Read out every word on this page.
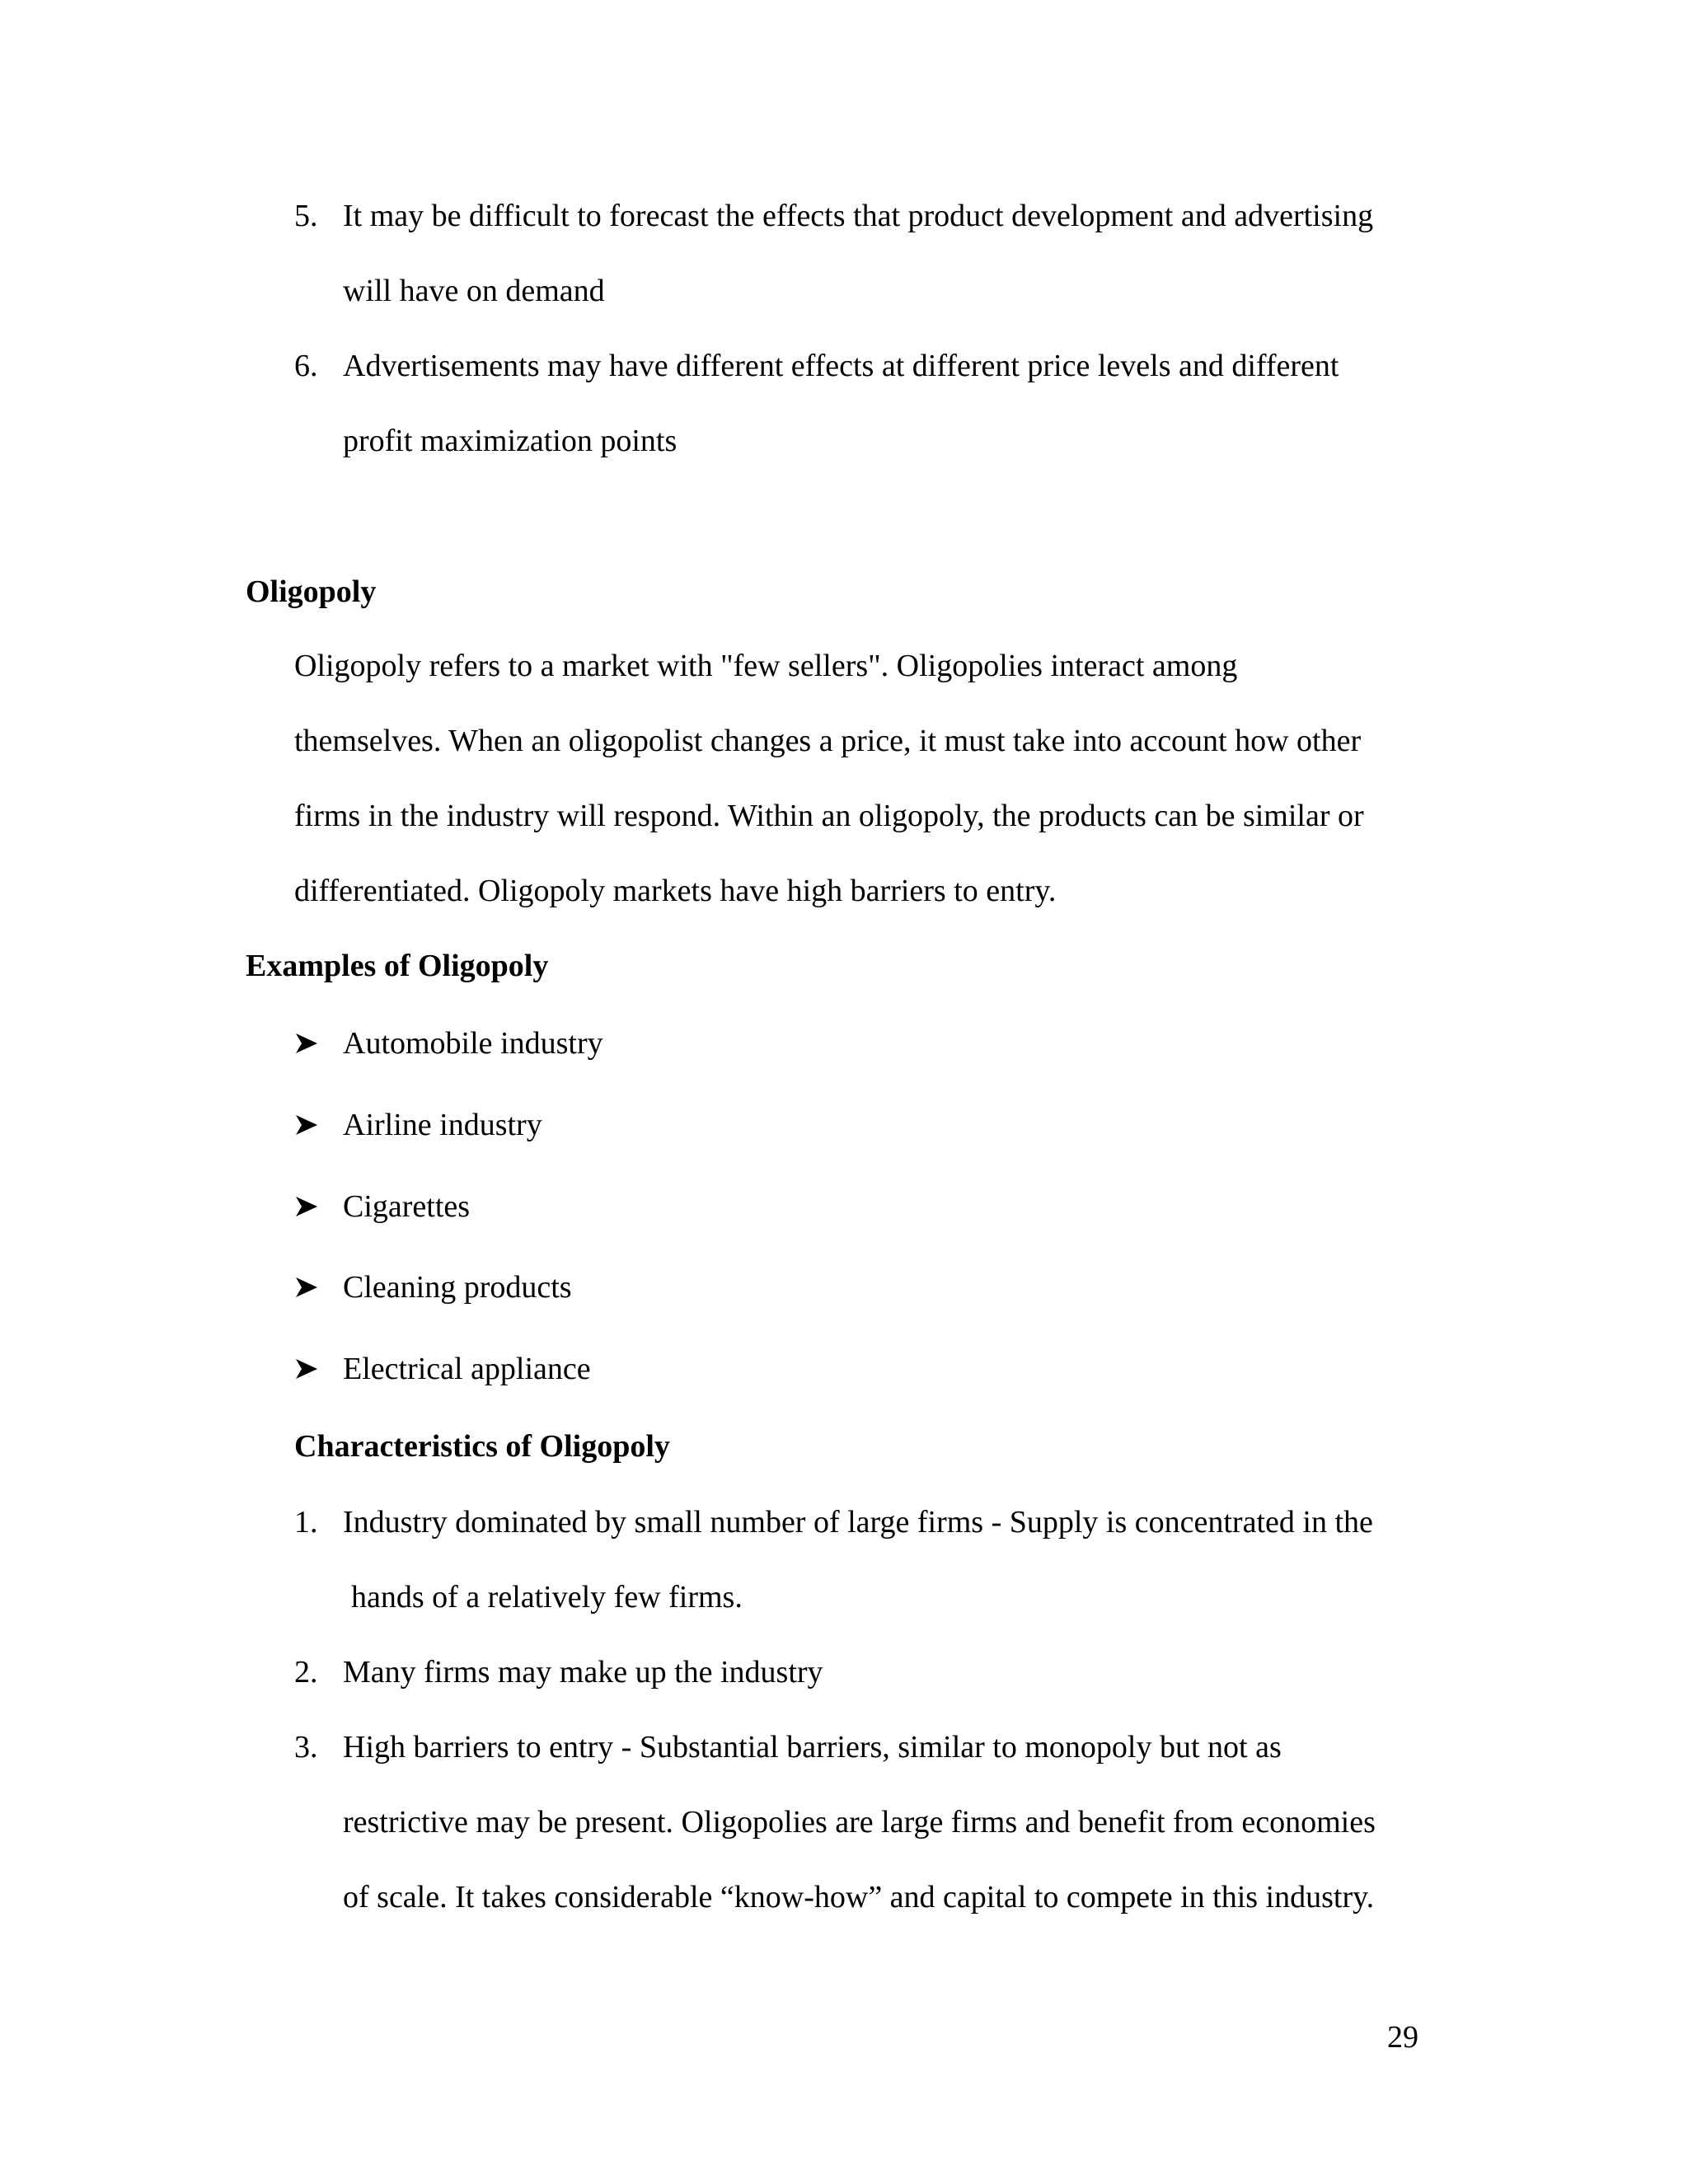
5. It may be difficult to forecast the effects that product development and advertising
will have on demand
6. Advertisements may have different effects at different price levels and different
profit maximization points
Oligopoly
Oligopoly refers to a market with "few sellers". Oligopolies interact among
themselves. When an oligopolist changes a price, it must take into account how other
firms in the industry will respond. Within an oligopoly, the products can be similar or
differentiated. Oligopoly markets have high barriers to entry.
Examples of Oligopoly
Automobile industry
Airline industry
Cigarettes
Cleaning products
Electrical appliance
Characteristics of Oligopoly
1. Industry dominated by small number of large firms - Supply is concentrated in the
hands of a relatively few firms.
2. Many firms may make up the industry
3. High barriers to entry - Substantial barriers, similar to monopoly but not as
restrictive may be present. Oligopolies are large firms and benefit from economies
of scale. It takes considerable “know-how” and capital to compete in this industry.
29
